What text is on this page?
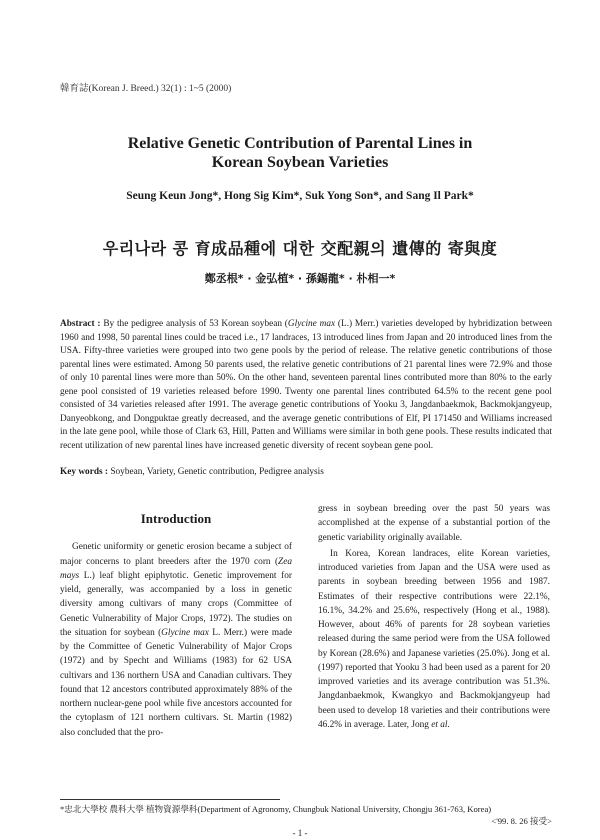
韓育誌(Korean J. Breed.) 32(1) : 1~5 (2000)
Relative Genetic Contribution of Parental Lines in
Korean Soybean Varieties
Seung Keun Jong*, Hong Sig Kim*, Suk Yong Son*, and Sang Il Park*
우리나라 콩 育成品種에 대한 交配親의 遺傳的 寄與度
鄭丞根* · 金弘植* · 孫錫龍* · 朴相一*
Abstract : By the pedigree analysis of 53 Korean soybean (Glycine max (L.) Merr.) varieties developed by hybridization between 1960 and 1998, 50 parental lines could be traced i.e., 17 landraces, 13 introduced lines from Japan and 20 introduced lines from the USA. Fifty-three varieties were grouped into two gene pools by the period of release. The relative genetic contributions of those parental lines were estimated. Among 50 parents used, the relative genetic contributions of 21 parental lines were 72.9% and those of only 10 parental lines were more than 50%. On the other hand, seventeen parental lines contributed more than 80% to the early gene pool consisted of 19 varieties released before 1990. Twenty one parental lines contributed 64.5% to the recent gene pool consisted of 34 varieties released after 1991. The average genetic contributions of Yooku 3, Jangdanbaekmok, Backmokjangyeup, Danyeobkong, and Dongpuktae greatly decreased, and the average genetic contributions of Elf, PI 171450 and Williams increased in the late gene pool, while those of Clark 63, Hill, Patten and Williams were similar in both gene pools. These results indicated that recent utilization of new parental lines have increased genetic diversity of recent soybean gene pool.
Key words : Soybean, Variety, Genetic contribution, Pedigree analysis
Introduction

Genetic uniformity or genetic erosion became a subject of major concerns to plant breeders after the 1970 corn (Zea mays L.) leaf blight epiphytotic. Genetic improvement for yield, generally, was accompanied by a loss in genetic diversity among cultivars of many crops (Committee of Genetic Vulnerability of Major Crops, 1972). The studies on the situation for soybean (Glycine max L. Merr.) were made by the Committee of Genetic Vulnerability of Major Crops (1972) and by Specht and Williams (1983) for 62 USA cultivars and 136 northern USA and Canadian cultivars. They found that 12 ancestors contributed approximately 88% of the northern nuclear-gene pool while five ancestors accounted for the cytoplasm of 121 northern cultivars. St. Martin (1982) also concluded that the pro-

gress in soybean breeding over the past 50 years was accomplished at the expense of a substantial portion of the genetic variability originally available.

In Korea, Korean landraces, elite Korean varieties, introduced varieties from Japan and the USA were used as parents in soybean breeding between 1956 and 1987. Estimates of their respective contributions were 22.1%, 16.1%, 34.2% and 25.6%, respectively (Hong et al., 1988). However, about 46% of parents for 28 soybean varieties released during the same period were from the USA followed by Korean (28.6%) and Japanese varieties (25.0%). Jong et al. (1997) reported that Yooku 3 had been used as a parent for 20 improved varieties and its average contribution was 51.3%. Jangdanbaekmok, Kwangkyo and Backmokjangyeup had been used to develop 18 varieties and their contributions were 46.2% in average. Later, Jong et al.

*忠北大學校 農科大學 植物資源學科(Department of Agronomy, Chungbuk National University, Chongju 361-763, Korea)
<'99. 8. 26 接受>
- 1 -
